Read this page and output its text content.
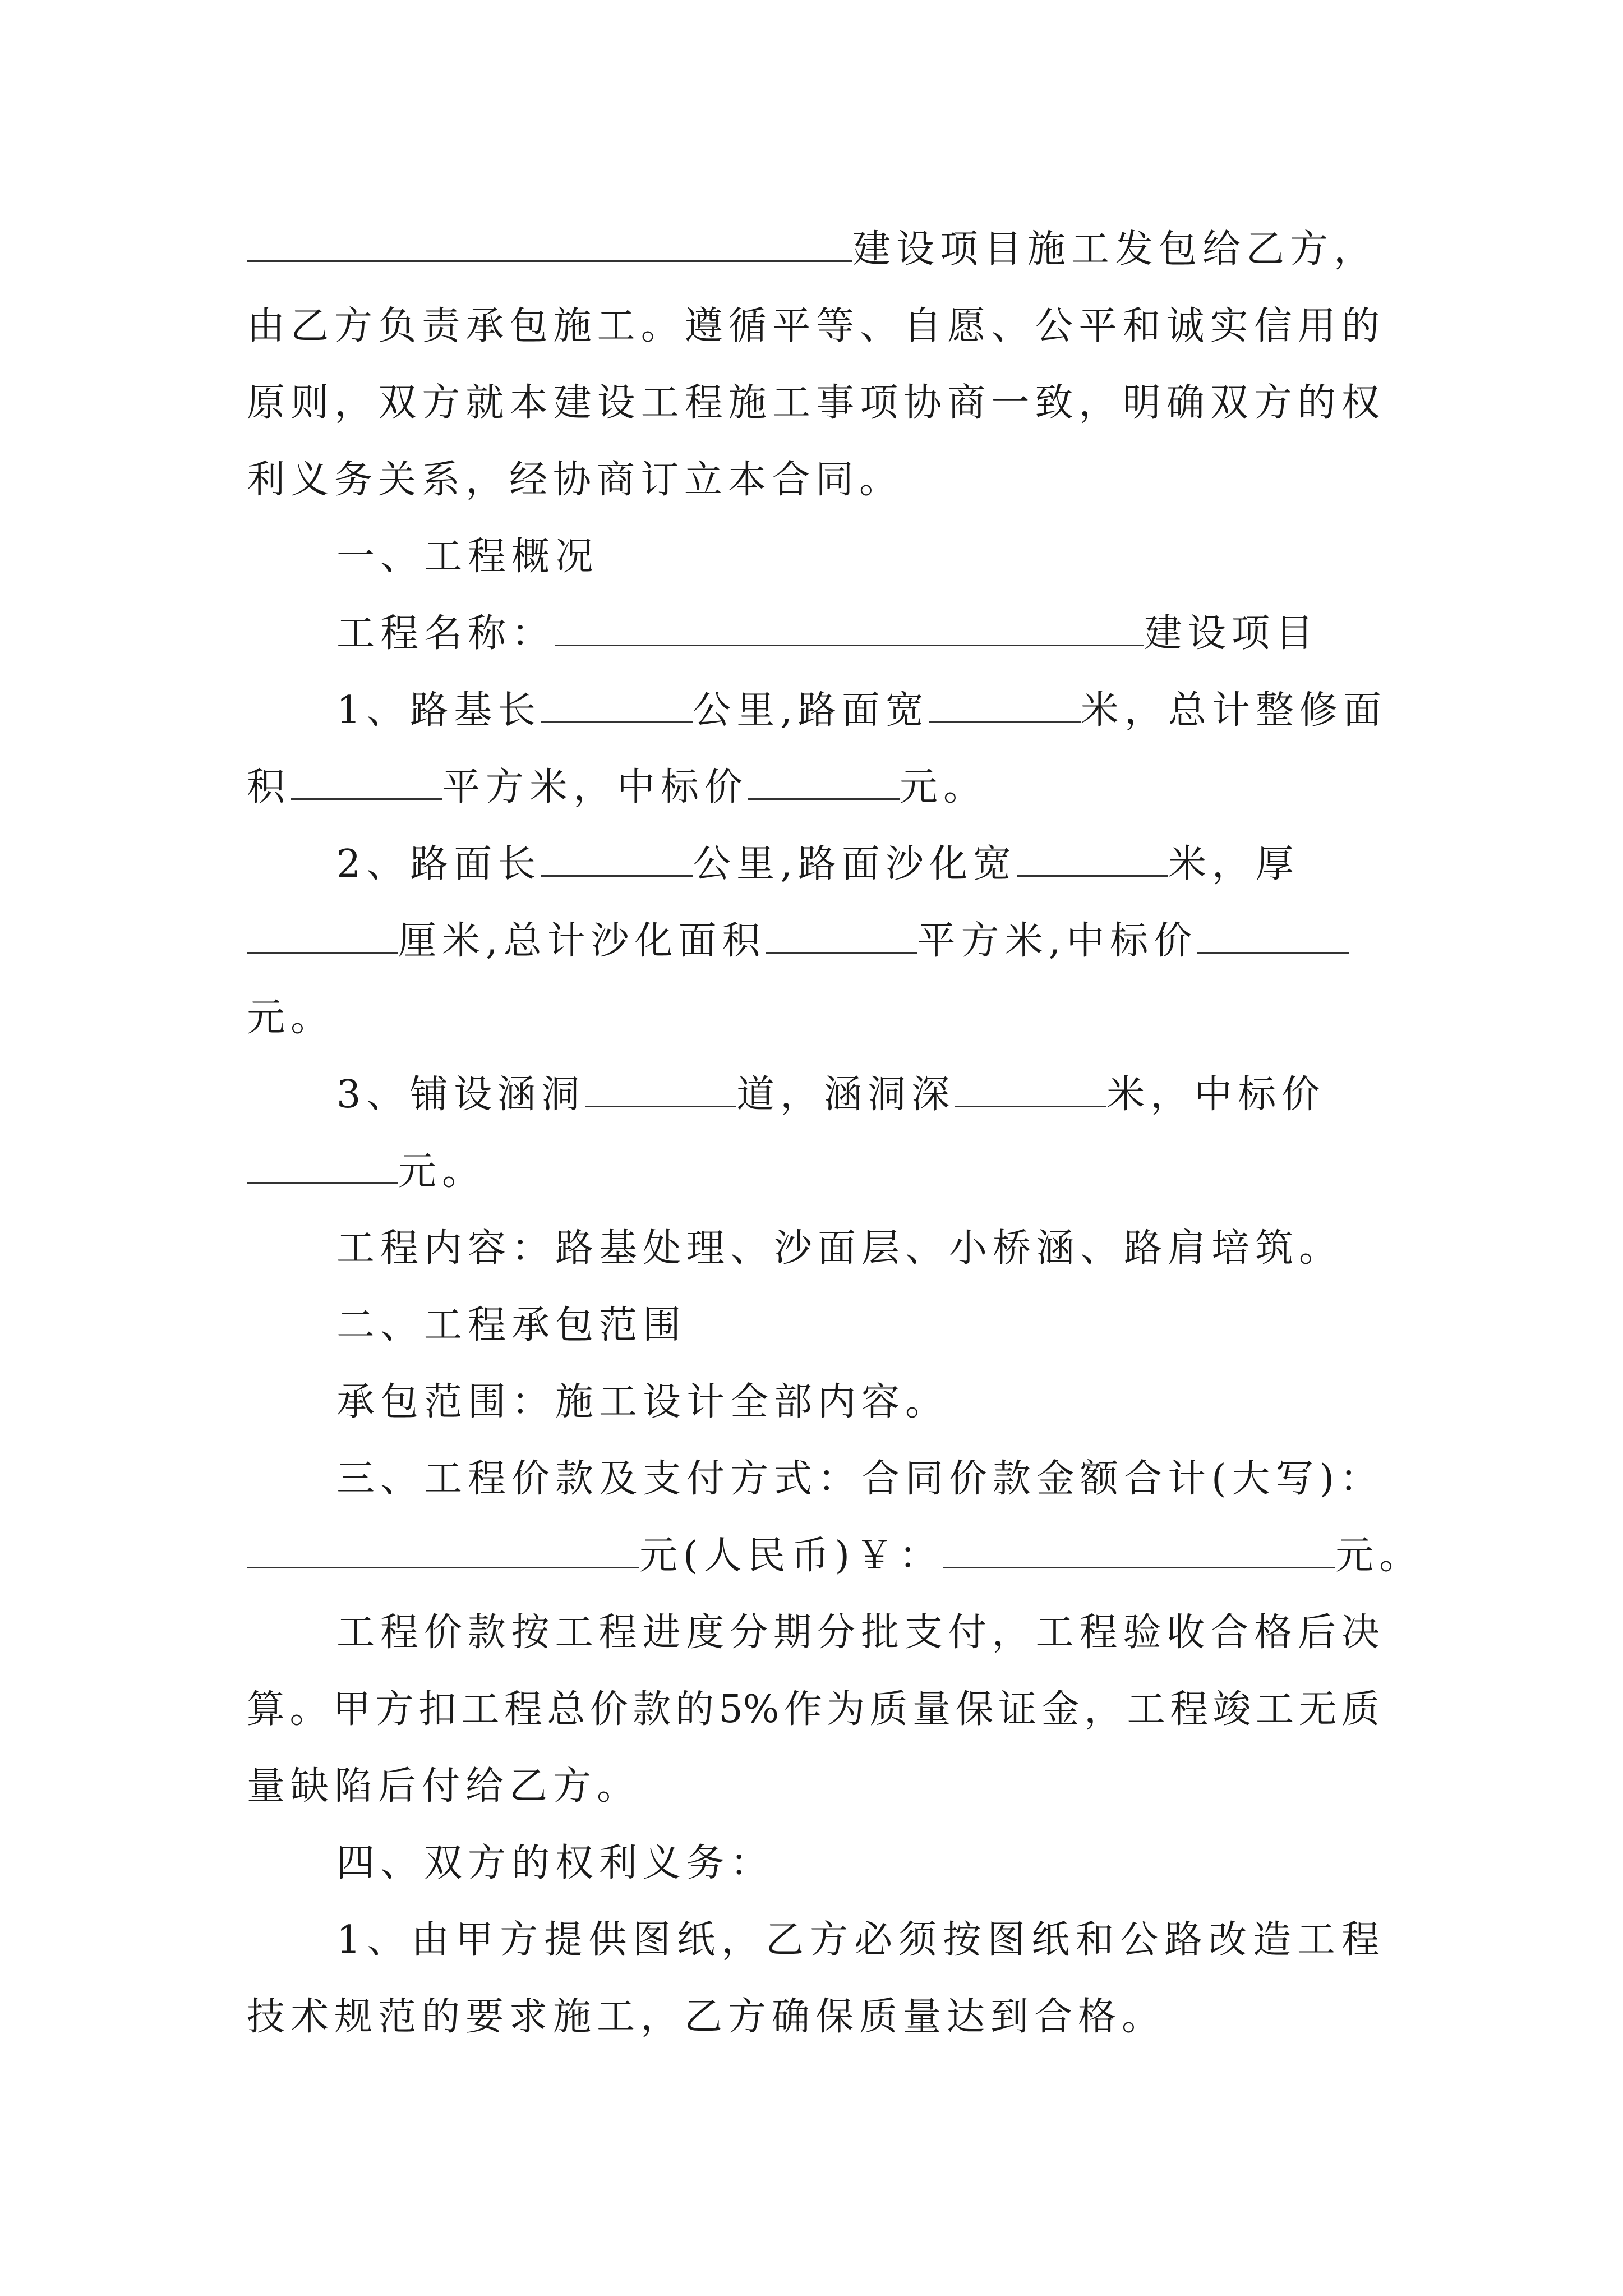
建设项目施工发包给乙方，
由乙方负责承包施工。遵循平等、自愿、公平和诚实信用的
原则，双方就本建设工程施工事项协商一致，明确双方的权
利义务关系，经协商订立本合同。
一、工程概况
工程名称：	建设项目
1、路基长	公里,路面宽	米，总计整修面
积	平方米，中标价	元。
2、路面长	公里,路面沙化宽	米，厚
厘米,总计沙化面积	平方米,中标价
元。
3、铺设涵洞	道，涵洞深	米，中标价
元。
工程内容：路基处理、沙面层、小桥涵、路肩培筑。
二、工程承包范围
承包范围：施工设计全部内容。
三、工程价款及支付方式：合同价款金额合计(大写)：
元(人民币)￥：	元。
工程价款按工程进度分期分批支付，工程验收合格后决
算。甲方扣工程总价款的5%作为质量保证金，工程竣工无质
量缺陷后付给乙方。
四、双方的权利义务：
1、由甲方提供图纸，乙方必须按图纸和公路改造工程
技术规范的要求施工，乙方确保质量达到合格。
